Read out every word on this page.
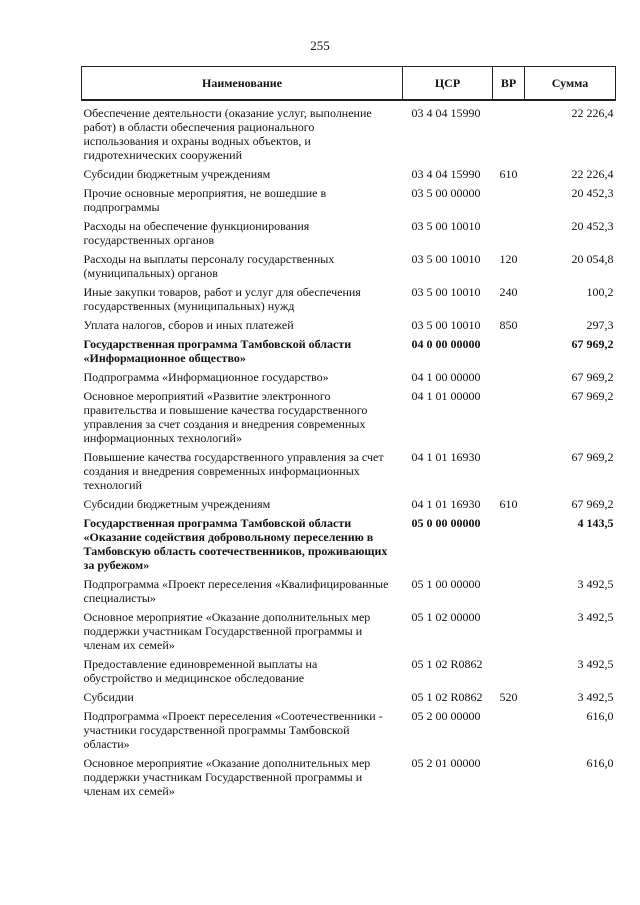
255
Наименование	ЦСР	ВР	Сумма
Обеспечение деятельности (оказание услуг, выполнение работ) в области обеспечения рационального использования и охраны водных объектов, и гидротехнических сооружений	03 4 04 15990		22 226,4
Субсидии бюджетным учреждениям	03 4 04 15990	610	22 226,4
Прочие основные мероприятия, не вошедшие в подпрограммы	03 5 00 00000		20 452,3
Расходы на обеспечение функционирования государственных органов	03 5 00 10010		20 452,3
Расходы на выплаты персоналу государственных (муниципальных) органов	03 5 00 10010	120	20 054,8
Иные закупки товаров, работ и услуг для обеспечения государственных (муниципальных) нужд	03 5 00 10010	240	100,2
Уплата налогов, сборов и иных платежей	03 5 00 10010	850	297,3
Государственная программа Тамбовской области «Информационное общество»	04 0 00 00000		67 969,2
Подпрограмма «Информационное государство»	04 1 00 00000		67 969,2
Основное мероприятий «Развитие электронного правительства и повышение качества государственного управления за счет создания и внедрения современных информационных технологий»	04 1 01 00000		67 969,2
Повышение качества государственного управления за счет создания и внедрения современных информационных технологий	04 1 01 16930		67 969,2
Субсидии бюджетным учреждениям	04 1 01 16930	610	67 969,2
Государственная программа Тамбовской области «Оказание содействия добровольному переселению в Тамбовскую область соотечественников, проживающих за рубежом»	05 0 00 00000		4 143,5
Подпрограмма «Проект переселения «Квалифицированные специалисты»	05 1 00 00000		3 492,5
Основное мероприятие «Оказание дополнительных мер поддержки участникам Государственной программы и членам их семей»	05 1 02 00000		3 492,5
Предоставление единовременной выплаты на обустройство и медицинское обследование	05 1 02 R0862		3 492,5
Субсидии	05 1 02 R0862	520	3 492,5
Подпрограмма «Проект переселения «Соотечественники - участники государственной программы Тамбовской области»	05 2 00 00000		616,0
Основное мероприятие «Оказание дополнительных мер поддержки участникам Государственной программы и членам их семей»	05 2 01 00000		616,0
